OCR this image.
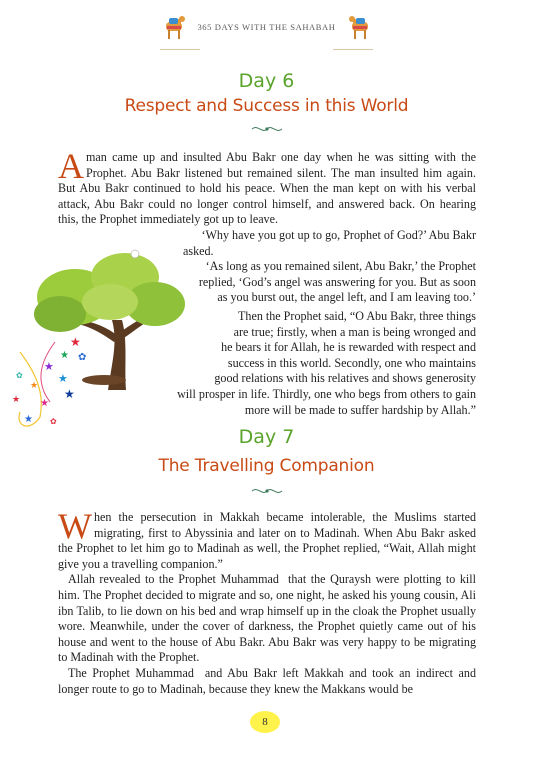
365 DAYS WITH THE SAHABAH
Day 6
Respect and Success in this World

Aman came up and insulted Abu Bakr one day when he was sitting with the Prophet. Abu Bakr listened but remained silent. The man insulted him again. But Abu Bakr continued to hold his peace. When the man kept on with his verbal attack, Abu Bakr could no longer control himself, and answered back. On hearing this, the Prophet immediately got up to leave.

‘Why have you got up to go, Prophet of God?’ Abu Bakr
asked.
‘As long as you remained silent, Abu Bakr,’ the Prophet
replied, ‘God’s angel was answering for you. But as soon
as you burst out, the angel left, and I am leaving too.’
Then the Prophet said, “O Abu Bakr, three things
are true; firstly, when a man is being wronged and
he bears it for Allah, he is rewarded with respect and
success in this world. Secondly, one who maintains
good relations with his relatives and shows generosity
will prosper in life. Thirdly, one who begs from others to gain
more will be made to suffer hardship by Allah.”
★
✿
★
★
★
★
★
★
✿
★ ✿
★
Day 7
The Travelling Companion

When the persecution in Makkah became intolerable, the Muslims started migrating, first to Abyssinia and later on to Madinah. When Abu Bakr asked the Prophet to let him go to Madinah as well, the Prophet replied, “Wait, Allah might give you a travelling companion.”

Allah revealed to the Prophet Muhammad  that the Quraysh were plotting to kill him. The Prophet decided to migrate and so, one night, he asked his young cousin, Ali ibn Talib, to lie down on his bed and wrap himself up in the cloak the Prophet usually wore. Meanwhile, under the cover of darkness, the Prophet quietly came out of his house and went to the house of Abu Bakr. Abu Bakr was very happy to be migrating to Madinah with the Prophet.

The Prophet Muhammad  and Abu Bakr left Makkah and took an indirect and longer route to go to Madinah, because they knew the Makkans would be

8
